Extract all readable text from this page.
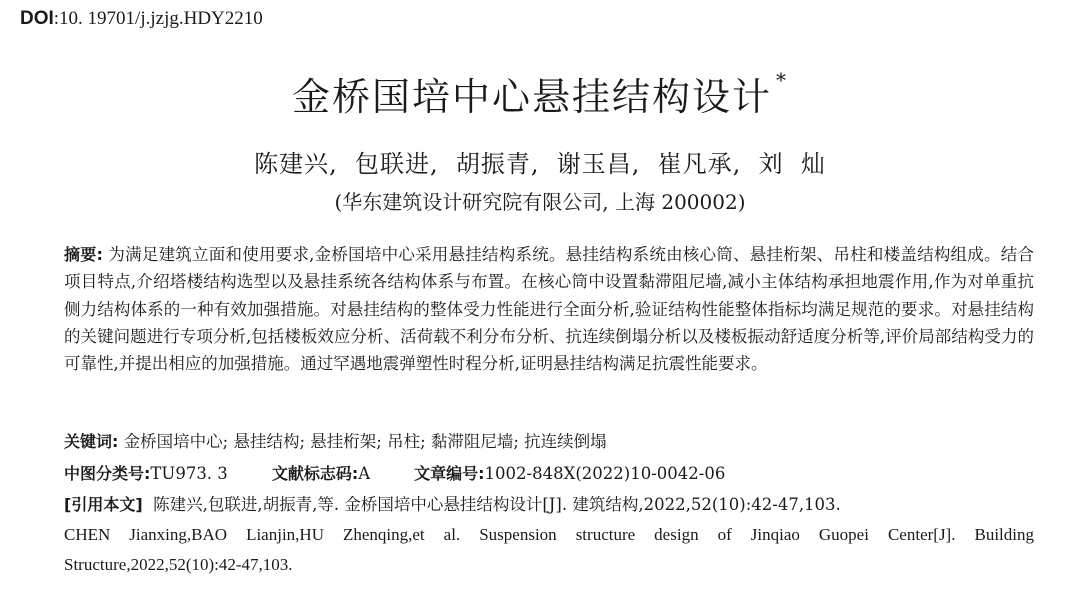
DOI:10. 19701/j.jzjg.HDY2210
金桥国培中心悬挂结构设计 *
陈建兴,  包联进,  胡振青,  谢玉昌,  崔凡承,  刘  灿
(华东建筑设计研究院有限公司, 上海 200002)
摘要: 为满足建筑立面和使用要求,金桥国培中心采用悬挂结构系统。悬挂结构系统由核心筒、悬挂桁架、吊柱和楼盖结构组成。结合项目特点,介绍塔楼结构选型以及悬挂系统各结构体系与布置。在核心筒中设置黏滞阻尼墙,减小主体结构承担地震作用,作为对单重抗侧力结构体系的一种有效加强措施。对悬挂结构的整体受力性能进行全面分析,验证结构性能整体指标均满足规范的要求。对悬挂结构的关键问题进行专项分析,包括楼板效应分析、活荷载不利分布分析、抗连续倒塌分析以及楼板振动舒适度分析等,评价局部结构受力的可靠性,并提出相应的加强措施。通过罕遇地震弹塑性时程分析,证明悬挂结构满足抗震性能要求。
关键词: 金桥国培中心; 悬挂结构; 悬挂桁架; 吊柱; 黏滞阻尼墙; 抗连续倒塌
中图分类号:TU973. 3	文献标志码:A	文章编号:1002-848X(2022)10-0042-06
[引用本文] 陈建兴,包联进,胡振青,等. 金桥国培中心悬挂结构设计[J]. 建筑结构,2022,52(10):42-47,103.
CHEN Jianxing,BAO Lianjin,HU Zhenqing,et al. Suspension structure design of Jinqiao Guopei Center[J]. Building Structure,2022,52(10):42-47,103.
